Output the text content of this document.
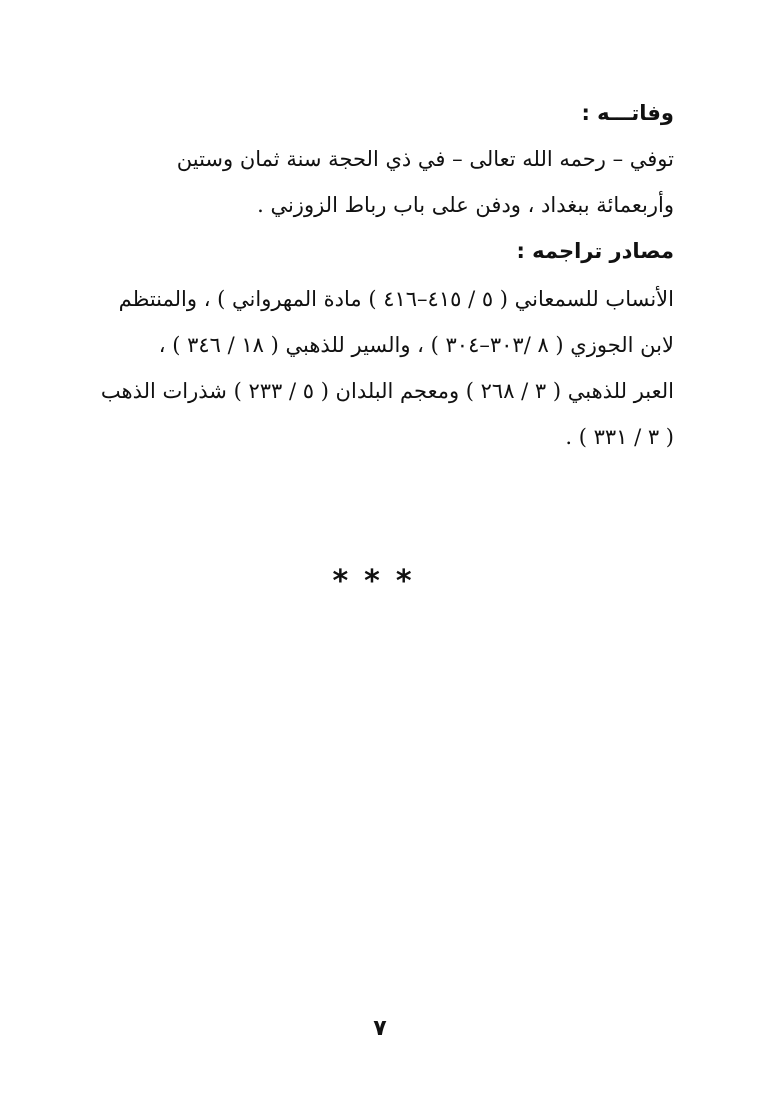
وفاتـــه :
توفي – رحمه الله تعالى – في ذي الحجة سنة ثمان وستين
وأربعمائة ببغداد ، ودفن على باب رباط الزوزني .
مصادر تراجمه :
الأنساب للسمعاني ( ٥ / ٤١٥–٤١٦ ) مادة المهرواني ) ، والمنتظم
لابن الجوزي ( ٨ /٣٠٣–٣٠٤ ) ، والسير للذهبي ( ١٨ / ٣٤٦ ) ،
العبر للذهبي ( ٣ / ٢٦٨ ) ومعجم البلدان ( ٥ / ٢٣٣ ) شذرات الذهب
( ٣ / ٣٣١ ) .
***
٧
